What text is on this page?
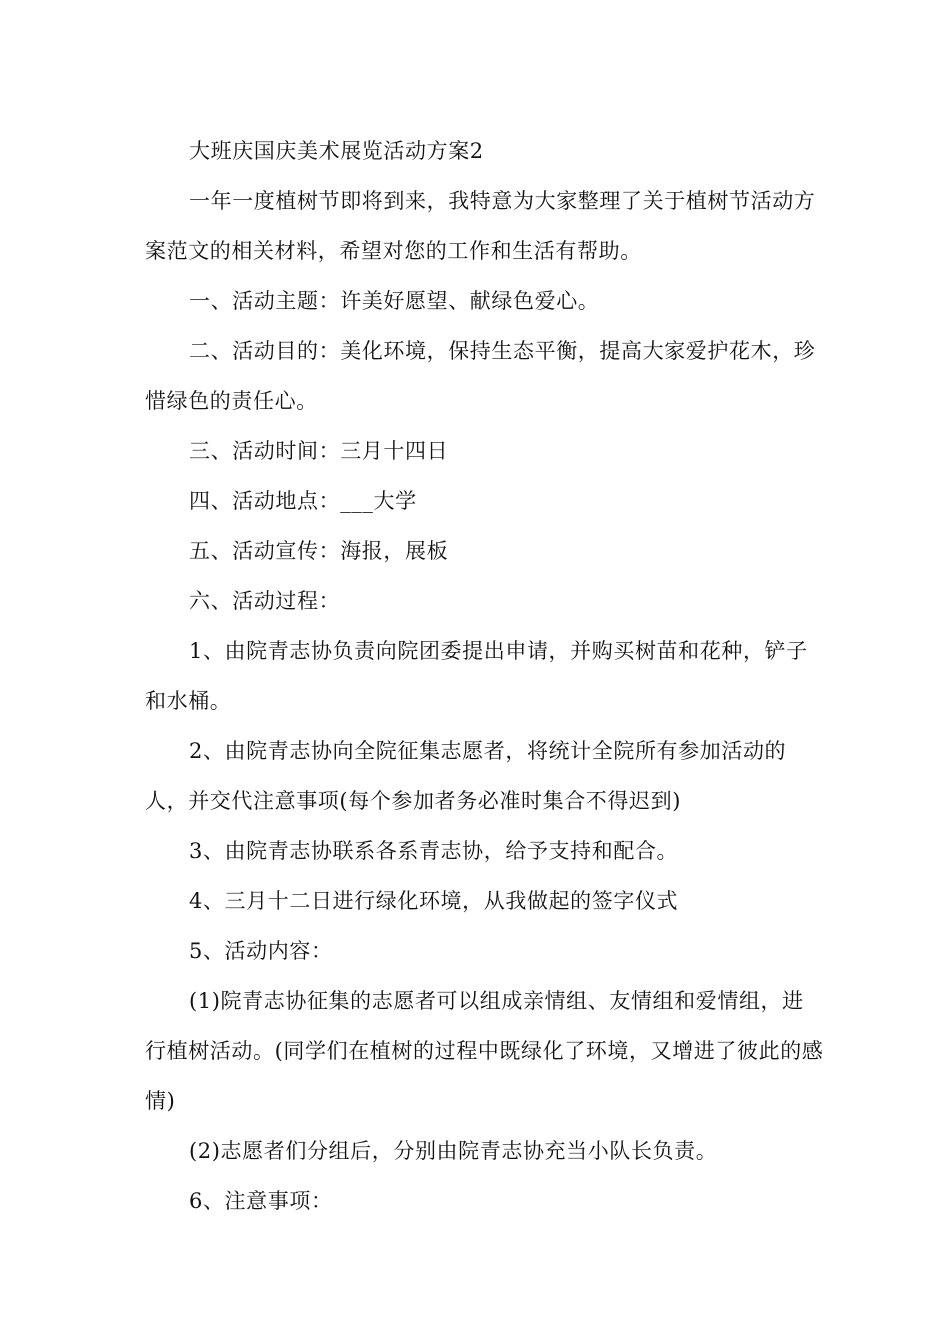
大班庆国庆美术展览活动方案2

一年一度植树节即将到来，我特意为大家整理了关于植树节活动方案范文的相关材料，希望对您的工作和生活有帮助。

一、活动主题：许美好愿望、献绿色爱心。

二、活动目的：美化环境，保持生态平衡，提高大家爱护花木，珍惜绿色的责任心。

三、活动时间：三月十四日

四、活动地点：___大学

五、活动宣传：海报，展板

六、活动过程：

1、由院青志协负责向院团委提出申请，并购买树苗和花种，铲子和水桶。

2、由院青志协向全院征集志愿者，将统计全院所有参加活动的人，并交代注意事项(每个参加者务必准时集合不得迟到)

3、由院青志协联系各系青志协，给予支持和配合。

4、三月十二日进行绿化环境，从我做起的签字仪式

5、活动内容：

(1)院青志协征集的志愿者可以组成亲情组、友情组和爱情组，进行植树活动。(同学们在植树的过程中既绿化了环境，又增进了彼此的感情)

(2)志愿者们分组后，分别由院青志协充当小队长负责。

6、注意事项：
